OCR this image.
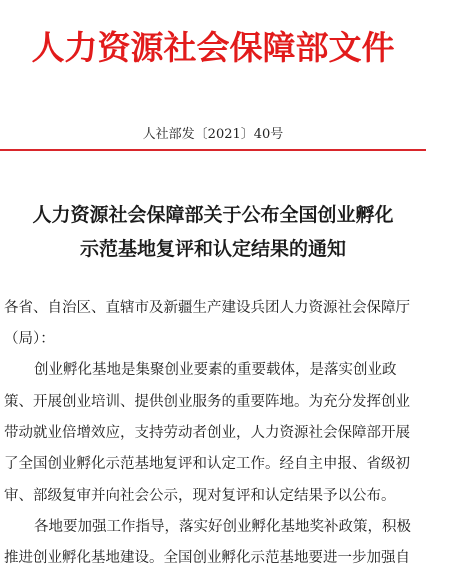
人力资源社会保障部文件
人社部发〔2021〕40号
人力资源社会保障部关于公布全国创业孵化
示范基地复评和认定结果的通知
各省、自治区、直辖市及新疆生产建设兵团人力资源社会保障厅
（局）：
创业孵化基地是集聚创业要素的重要载体，是落实创业政
策、开展创业培训、提供创业服务的重要阵地。为充分发挥创业
带动就业倍增效应，支持劳动者创业，人力资源社会保障部开展
了全国创业孵化示范基地复评和认定工作。经自主申报、省级初
审、部级复审并向社会公示，现对复评和认定结果予以公布。
各地要加强工作指导，落实好创业孵化基地奖补政策，积极
推进创业孵化基地建设。全国创业孵化示范基地要进一步加强自
